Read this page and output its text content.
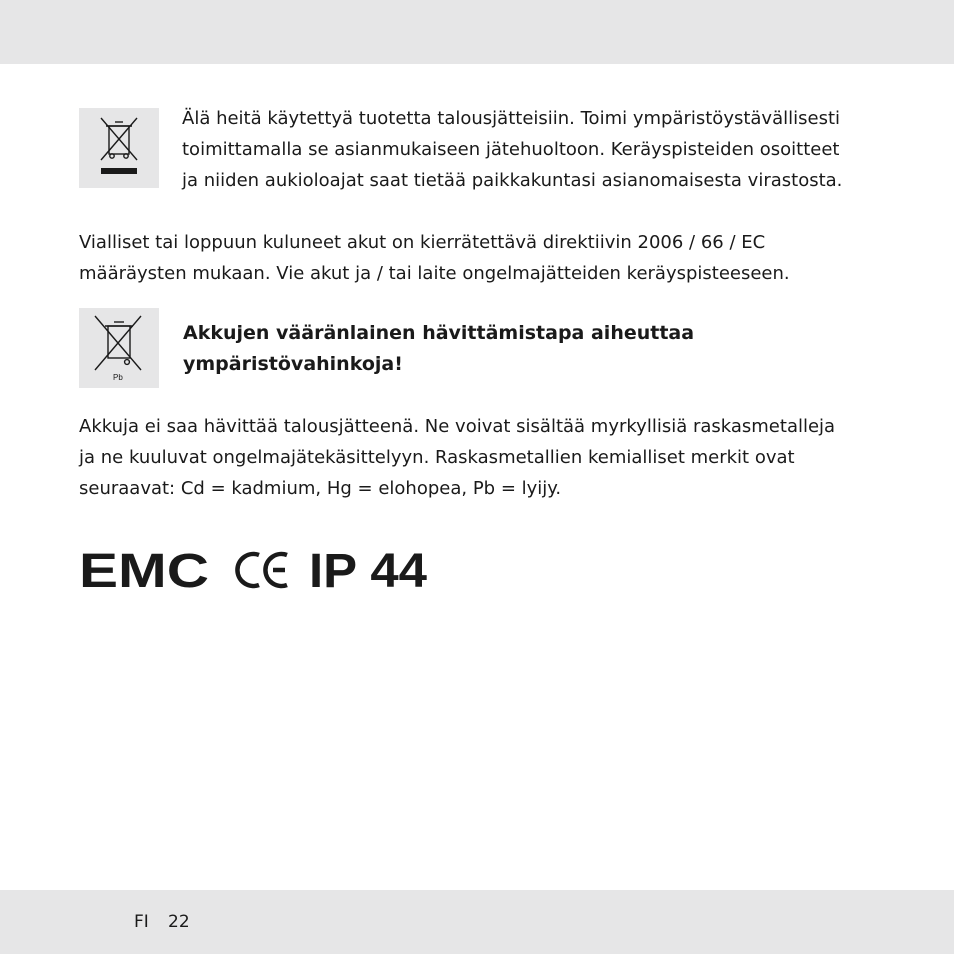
Älä heitä käytettyä tuotetta talousjätteisiin. Toimi ympäristöystävällisesti
toimittamalla se asianmukaiseen jätehuoltoon. Keräyspisteiden osoitteet
ja niiden aukioloajat saat tietää paikkakuntasi asianomaisesta virastosta.
Vialliset tai loppuun kuluneet akut on kierrätettävä direktiivin 2006 / 66 / EC
määräysten mukaan. Vie akut ja / tai laite ongelmajätteiden keräyspisteeseen.
Pb
Akkujen vääränlainen hävittämistapa aiheuttaa
ympäristövahinkoja!
Akkuja ei saa hävittää talousjätteenä. Ne voivat sisältää myrkyllisiä raskasmetalleja
ja ne kuuluvat ongelmajätekäsittelyyn. Raskasmetallien kemialliset merkit ovat
seuraavat: Cd = kadmium, Hg = elohopea, Pb = lyijy.
EMC IP 44
FI 22
